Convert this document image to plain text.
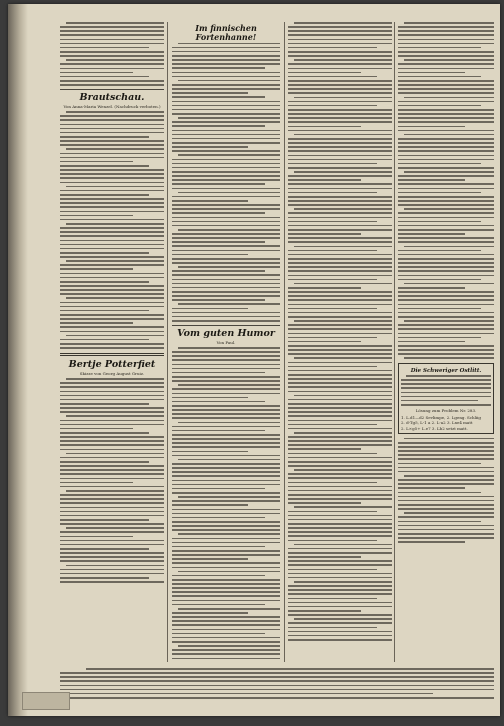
Brautschau.
Von Anna-Maria Wenzel. (Nachdruck verboten.)
Bertje Potterfiet
Skizze von Georg August Gruiz.
Im finnischen Fortenhanne!
Vom guten Humor
Von Paul.
Die Schweriger Ostlitt.
Lösung zum Problem Nr. 283.
1. L.d1—d2 Sevlimpe, 2. Lgeng. Schliig
2. d-Tg5, L-1 a 2. L-a2 3. Lxe4 matt
2. L×g5+ L.e7 3. Lb2 setzt matt.
